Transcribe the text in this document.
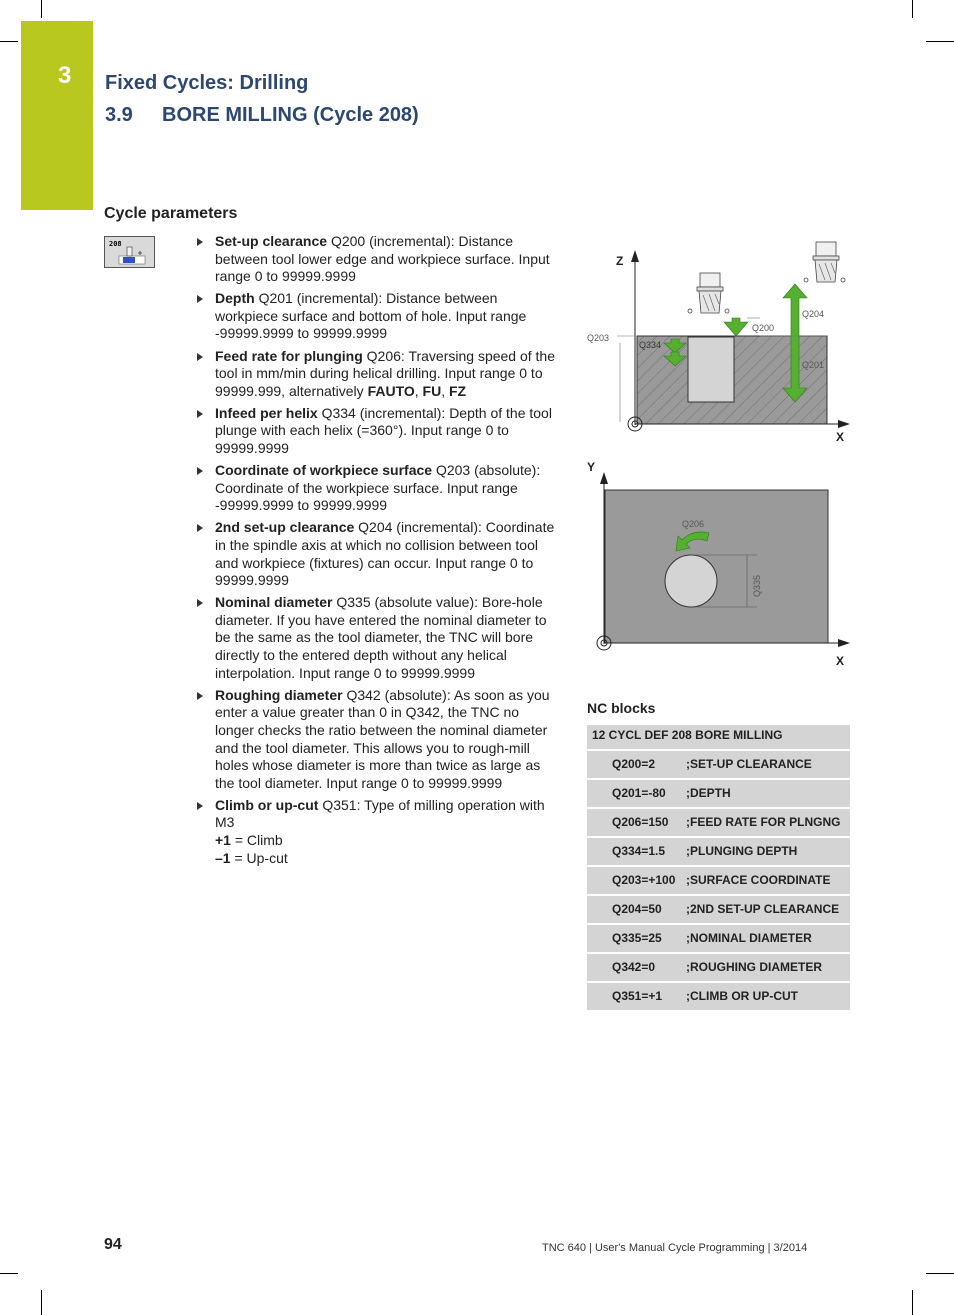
3 Fixed Cycles: Drilling
3.9 BORE MILLING (Cycle 208)
Cycle parameters
208	Set-up clearance Q200 (incremental): Distance between tool lower edge and workpiece surface. Input range 0 to 99999.9999
Depth Q201 (incremental): Distance between workpiece surface and bottom of hole. Input range -99999.9999 to 99999.9999
Feed rate for plunging Q206: Traversing speed of the tool in mm/min during helical drilling. Input range 0 to 99999.999, alternatively FAUTO, FU, FZ
Infeed per helix Q334 (incremental): Depth of the tool plunge with each helix (=360°). Input range 0 to 99999.9999
Coordinate of workpiece surface Q203 (absolute): Coordinate of the workpiece surface. Input range -99999.9999 to 99999.9999
2nd set-up clearance Q204 (incremental): Coordinate in the spindle axis at which no collision between tool and workpiece (fixtures) can occur. Input range 0 to 99999.9999
Nominal diameter Q335 (absolute value): Bore-hole diameter. If you have entered the nominal diameter to be the same as the tool diameter, the TNC will bore directly to the entered depth without any helical interpolation. Input range 0 to 99999.9999
Roughing diameter Q342 (absolute): As soon as you enter a value greater than 0 in Q342, the TNC no longer checks the ratio between the nominal diameter and the tool diameter. This allows you to rough-mill holes whose diameter is more than twice as large as the tool diameter. Input range 0 to 99999.9999
Climb or up-cut Q351: Type of milling operation with M3
+1 = Climb
–1 = Up-cut
Z
X
Q203
Q334
Q200
Q204
Q201
Y
X
Q335
Q206
NC blocks
12 CYCL DEF 208 BORE MILLING	
Q200=2	;SET-UP CLEARANCE
Q201=-80	;DEPTH
Q206=150	;FEED RATE FOR PLNGNG
Q334=1.5	;PLUNGING DEPTH
Q203=+100	;SURFACE COORDINATE
Q204=50	;2ND SET-UP CLEARANCE
Q335=25	;NOMINAL DIAMETER
Q342=0	;ROUGHING DIAMETER
Q351=+1	;CLIMB OR UP-CUT
94	TNC 640 | User's Manual Cycle Programming | 3/2014
